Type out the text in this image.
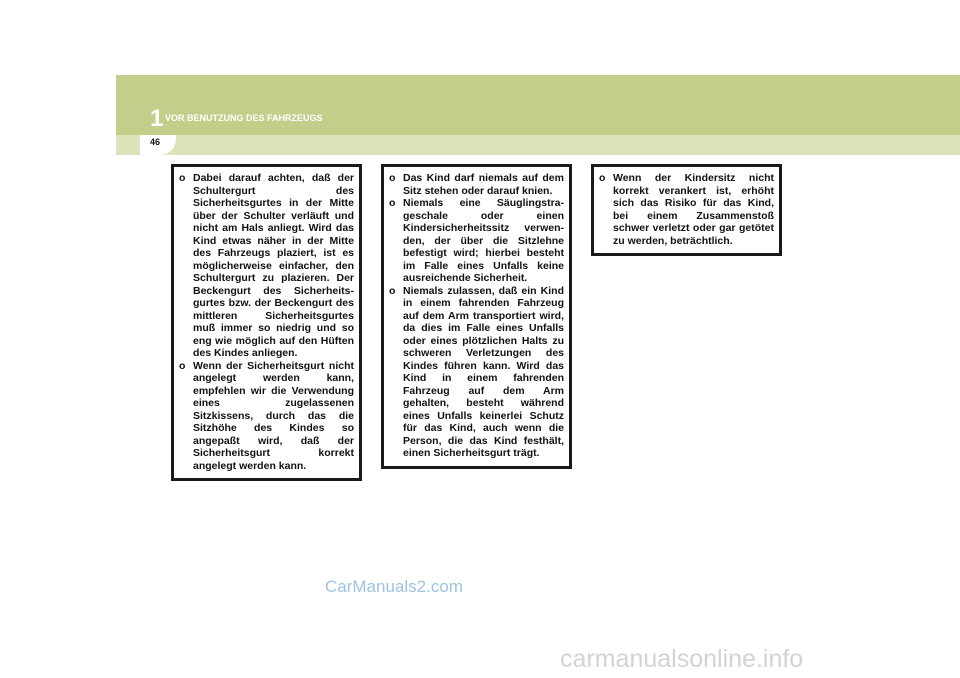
1 VOR BENUTZUNG DES FAHRZEUGS
46

o Dabei darauf achten, daß der Schultergurt des Sicherheitsgurtes in der Mitte über der Schulter verläuft und nicht am Hals anliegt. Wird das Kind etwas näher in der Mitte des Fahrzeugs plaziert, ist es möglicherweise einfacher, den Schultergurt zu plazieren. Der Beckengurt des Sicherheits-gurtes bzw. der Beckengurt des mittleren Sicherheitsgurtes muß immer so niedrig und so eng wie möglich auf den Hüften des Kindes anliegen.

o Wenn der Sicherheitsgurt nicht angelegt werden kann, empfehlen wir die Verwendung eines zugelassenen Sitzkissens, durch das die Sitzhöhe des Kindes so angepaßt wird, daß der Sicherheitsgurt korrekt angelegt werden kann.

o Das Kind darf niemals auf dem Sitz stehen oder darauf knien.

o Niemals eine Säuglingstra-geschale oder einen Kindersicherheitssitz verwen-den, der über die Sitzlehne befestigt wird; hierbei besteht im Falle eines Unfalls keine ausreichende Sicherheit.

o Niemals zulassen, daß ein Kind in einem fahrenden Fahrzeug auf dem Arm transportiert wird, da dies im Falle eines Unfalls oder eines plötzlichen Halts zu schweren Verletzungen des Kindes führen kann. Wird das Kind in einem fahrenden Fahrzeug auf dem Arm gehalten, besteht während eines Unfalls keinerlei Schutz für das Kind, auch wenn die Person, die das Kind festhält, einen Sicherheitsgurt trägt.

o Wenn der Kindersitz nicht korrekt verankert ist, erhöht sich das Risiko für das Kind, bei einem Zusammenstoß schwer verletzt oder gar getötet zu werden, beträchtlich.

CarManuals2.com
carmanualsonline.info
